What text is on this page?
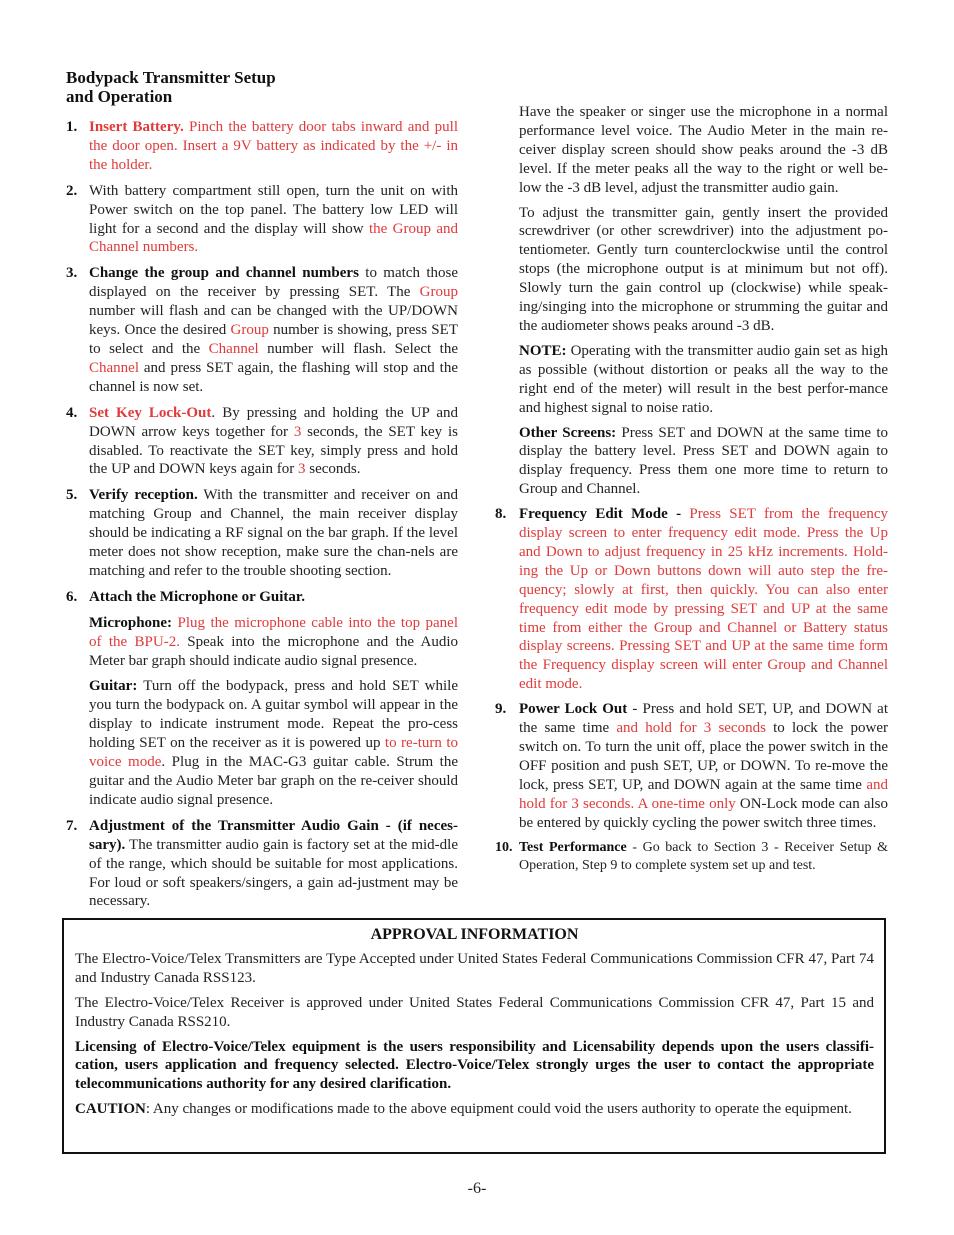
Bodypack Transmitter Setup
and Operation
1. Insert Battery. Pinch the battery door tabs inward and pull the door open. Insert a 9V battery as indicated by the +/- in the holder.
2. With battery compartment still open, turn the unit on with Power switch on the top panel. The battery low LED will light for a second and the display will show the Group and Channel numbers.
3. Change the group and channel numbers to match those displayed on the receiver by pressing SET. The Group number will flash and can be changed with the UP/DOWN keys. Once the desired Group number is showing, press SET to select and the Channel number will flash. Select the Channel and press SET again, the flashing will stop and the channel is now set.
4. Set Key Lock-Out. By pressing and holding the UP and DOWN arrow keys together for 3 seconds, the SET key is disabled. To reactivate the SET key, simply press and hold the UP and DOWN keys again for 3 seconds.
5. Verify reception. With the transmitter and receiver on and matching Group and Channel, the main receiver display should be indicating a RF signal on the bar graph. If the level meter does not show reception, make sure the chan-nels are matching and refer to the trouble shooting section.
6. Attach the Microphone or Guitar.
Microphone: Plug the microphone cable into the top panel of the BPU-2. Speak into the microphone and the Audio Meter bar graph should indicate audio signal presence.
Guitar: Turn off the bodypack, press and hold SET while you turn the bodypack on. A guitar symbol will appear in the display to indicate instrument mode. Repeat the pro-cess holding SET on the receiver as it is powered up to re-turn to voice mode. Plug in the MAC-G3 guitar cable. Strum the guitar and the Audio Meter bar graph on the re-ceiver should indicate audio signal presence.
7. Adjustment of the Transmitter Audio Gain - (if neces-sary). The transmitter audio gain is factory set at the mid-dle of the range, which should be suitable for most applications. For loud or soft speakers/singers, a gain ad-justment may be necessary.
Have the speaker or singer use the microphone in a normal performance level voice. The Audio Meter in the main re-ceiver display screen should show peaks around the -3 dB level. If the meter peaks all the way to the right or well be-low the -3 dB level, adjust the transmitter audio gain.
To adjust the transmitter gain, gently insert the provided screwdriver (or other screwdriver) into the adjustment po-tentiometer. Gently turn counterclockwise until the control stops (the microphone output is at minimum but not off). Slowly turn the gain control up (clockwise) while speak-ing/singing into the microphone or strumming the guitar and the audiometer shows peaks around -3 dB.
NOTE: Operating with the transmitter audio gain set as high as possible (without distortion or peaks all the way to the right end of the meter) will result in the best perfor-mance and highest signal to noise ratio.
Other Screens: Press SET and DOWN at the same time to display the battery level. Press SET and DOWN again to display frequency. Press them one more time to return to Group and Channel.
8. Frequency Edit Mode - Press SET from the frequency display screen to enter frequency edit mode. Press the Up and Down to adjust frequency in 25 kHz increments. Hold-ing the Up or Down buttons down will auto step the fre-quency; slowly at first, then quickly. You can also enter frequency edit mode by pressing SET and UP at the same time from either the Group and Channel or Battery status display screens. Pressing SET and UP at the same time form the Frequency display screen will enter Group and Channel edit mode.
9. Power Lock Out - Press and hold SET, UP, and DOWN at the same time and hold for 3 seconds to lock the power switch on. To turn the unit off, place the power switch in the OFF position and push SET, UP, or DOWN. To re-move the lock, press SET, UP, and DOWN again at the same time and hold for 3 seconds. A one-time only ON-Lock mode can also be entered by quickly cycling the power switch three times.
10. Test Performance - Go back to Section 3 - Receiver Setup & Operation, Step 9 to complete system set up and test.
APPROVAL INFORMATION

The Electro-Voice/Telex Transmitters are Type Accepted under United States Federal Communications Commission CFR 47, Part 74 and Industry Canada RSS123.

The Electro-Voice/Telex Receiver is approved under United States Federal Communications Commission CFR 47, Part 15 and Industry Canada RSS210.

Licensing of Electro-Voice/Telex equipment is the users responsibility and Licensability depends upon the users classifi-cation, users application and frequency selected. Electro-Voice/Telex strongly urges the user to contact the appropriate telecommunications authority for any desired clarification.

CAUTION: Any changes or modifications made to the above equipment could void the users authority to operate the equipment.

-6-
